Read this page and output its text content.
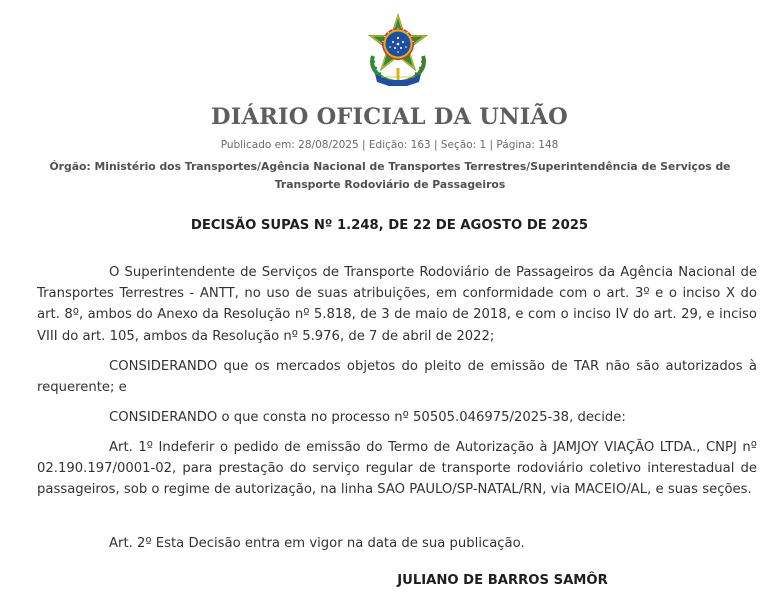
DIÁRIO OFICIAL DA UNIÃO
Publicado em: 28/08/2025 | Edição: 163 | Seção: 1 | Página: 148
Órgão: Ministério dos Transportes/Agência Nacional de Transportes Terrestres/Superintendência de Serviços de Transporte Rodoviário de Passageiros
DECISÃO SUPAS Nº 1.248, DE 22 DE AGOSTO DE 2025

O Superintendente de Serviços de Transporte Rodoviário de Passageiros da Agência Nacional de Transportes Terrestres - ANTT, no uso de suas atribuições, em conformidade com o art. 3º e o inciso X do art. 8º, ambos do Anexo da Resolução nº 5.818, de 3 de maio de 2018, e com o inciso IV do art. 29, e inciso VIII do art. 105, ambos da Resolução nº 5.976, de 7 de abril de 2022;

CONSIDERANDO que os mercados objetos do pleito de emissão de TAR não são autorizados à requerente; e

CONSIDERANDO o que consta no processo nº 50505.046975/2025-38, decide:

Art. 1º Indeferir o pedido de emissão do Termo de Autorização à JAMJOY VIAÇÃO LTDA., CNPJ nº 02.190.197/0001-02, para prestação do serviço regular de transporte rodoviário coletivo interestadual de passageiros, sob o regime de autorização, na linha SAO PAULO/SP-NATAL/RN, via MACEIO/AL, e suas seções.

Art. 2º Esta Decisão entra em vigor na data de sua publicação.

JULIANO DE BARROS SAMÔR
